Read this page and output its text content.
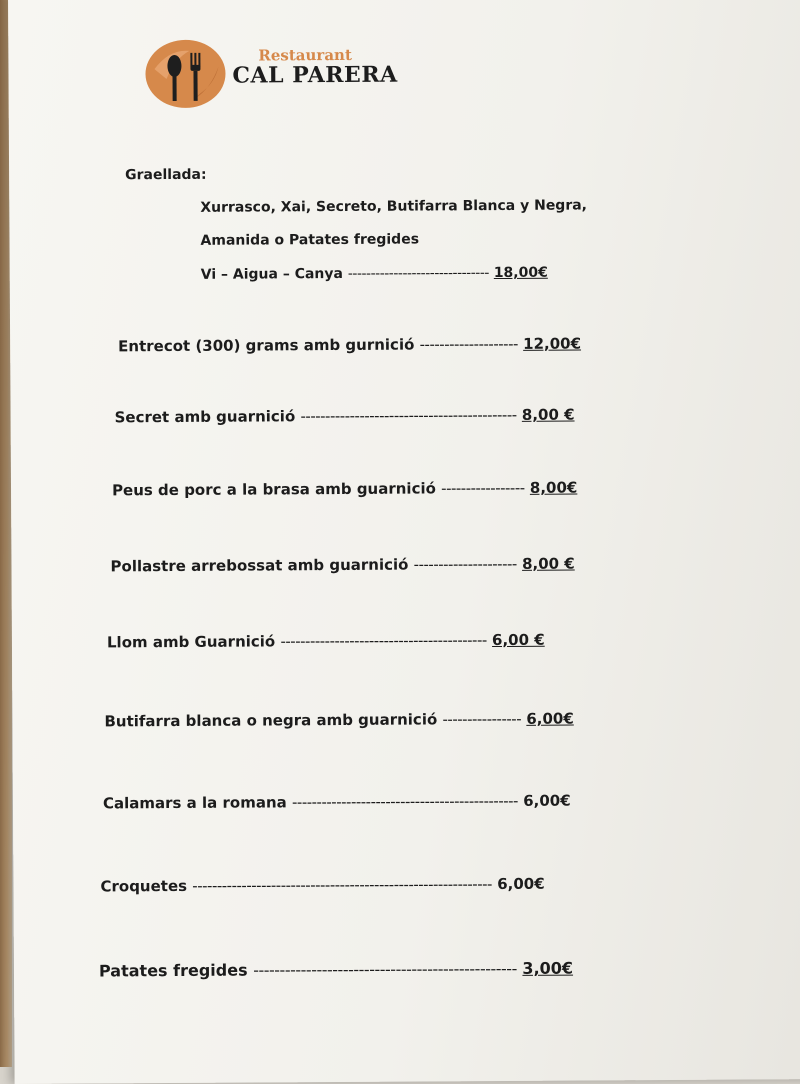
Restaurant
CAL PARERA
Graellada:
Xurrasco, Xai, Secreto, Butifarra Blanca y Negra,
Amanida o Patates fregides
Vi – Aigua – Canya ------------------------------- 18,00€
Entrecot (300) grams amb gurnició -------------------- 12,00€
Secret amb guarnició -------------------------------------------- 8,00 €
Peus de porc a la brasa amb guarnició ----------------- 8,00€
Pollastre arrebossat amb guarnició --------------------- 8,00 €
Llom amb Guarnició ------------------------------------------ 6,00 €
Butifarra blanca o negra amb guarnició ---------------- 6,00€
Calamars a la romana ---------------------------------------------- 6,00€
Croquetes ------------------------------------------------------------- 6,00€
Patates fregides -------------------------------------------------- 3,00€
